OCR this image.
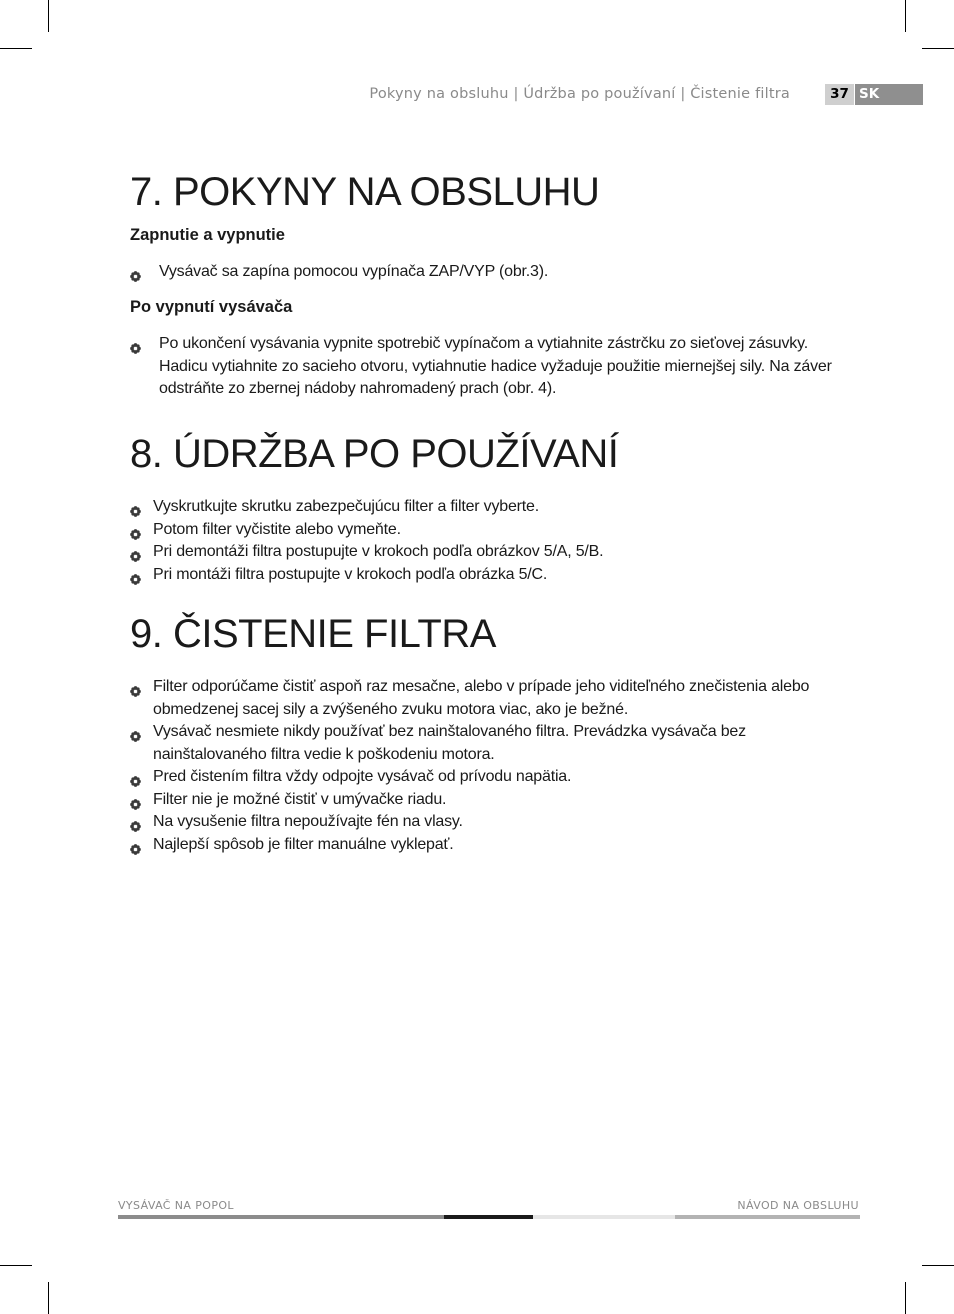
Pokyny na obsluhu | Údržba po používaní | Čistenie filtra	37 SK
7. POKYNY NA OBSLUHU
Zapnutie a vypnutie
Vysávač sa zapína pomocou vypínača ZAP/VYP (obr.3).
Po vypnutí vysávača
Po ukončení vysávania vypnite spotrebič vypínačom a vytiahnite zástrčku zo sieťovej zásuvky. Hadicu vytiahnite zo sacieho otvoru, vytiahnutie hadice vyžaduje použitie miernejšej sily. Na záver odstráňte zo zbernej nádoby nahromadený prach (obr. 4).
8. ÚDRŽBA PO POUŽÍVANÍ
Vyskrutkujte skrutku zabezpečujúcu filter a filter vyberte.
Potom filter vyčistite alebo vymeňte.
Pri demontáži filtra postupujte v krokoch podľa obrázkov 5/A, 5/B.
Pri montáži filtra postupujte v krokoch podľa obrázka 5/C.
9. ČISTENIE FILTRA
Filter odporúčame čistiť aspoň raz mesačne, alebo v prípade jeho viditeľného znečistenia alebo obmedzenej sacej sily a zvýšeného zvuku motora viac, ako je bežné.
Vysávač nesmiete nikdy používať bez nainštalovaného filtra. Prevádzka vysávača bez nainštalovaného filtra vedie k poškodeniu motora.
Pred čistením filtra vždy odpojte vysávač od prívodu napätia.
Filter nie je možné čistiť v umývačke riadu.
Na vysušenie filtra nepoužívajte fén na vlasy.
Najlepší spôsob je filter manuálne vyklepať.
VYSÁVAČ NA POPOL	NÁVOD NA OBSLUHU
